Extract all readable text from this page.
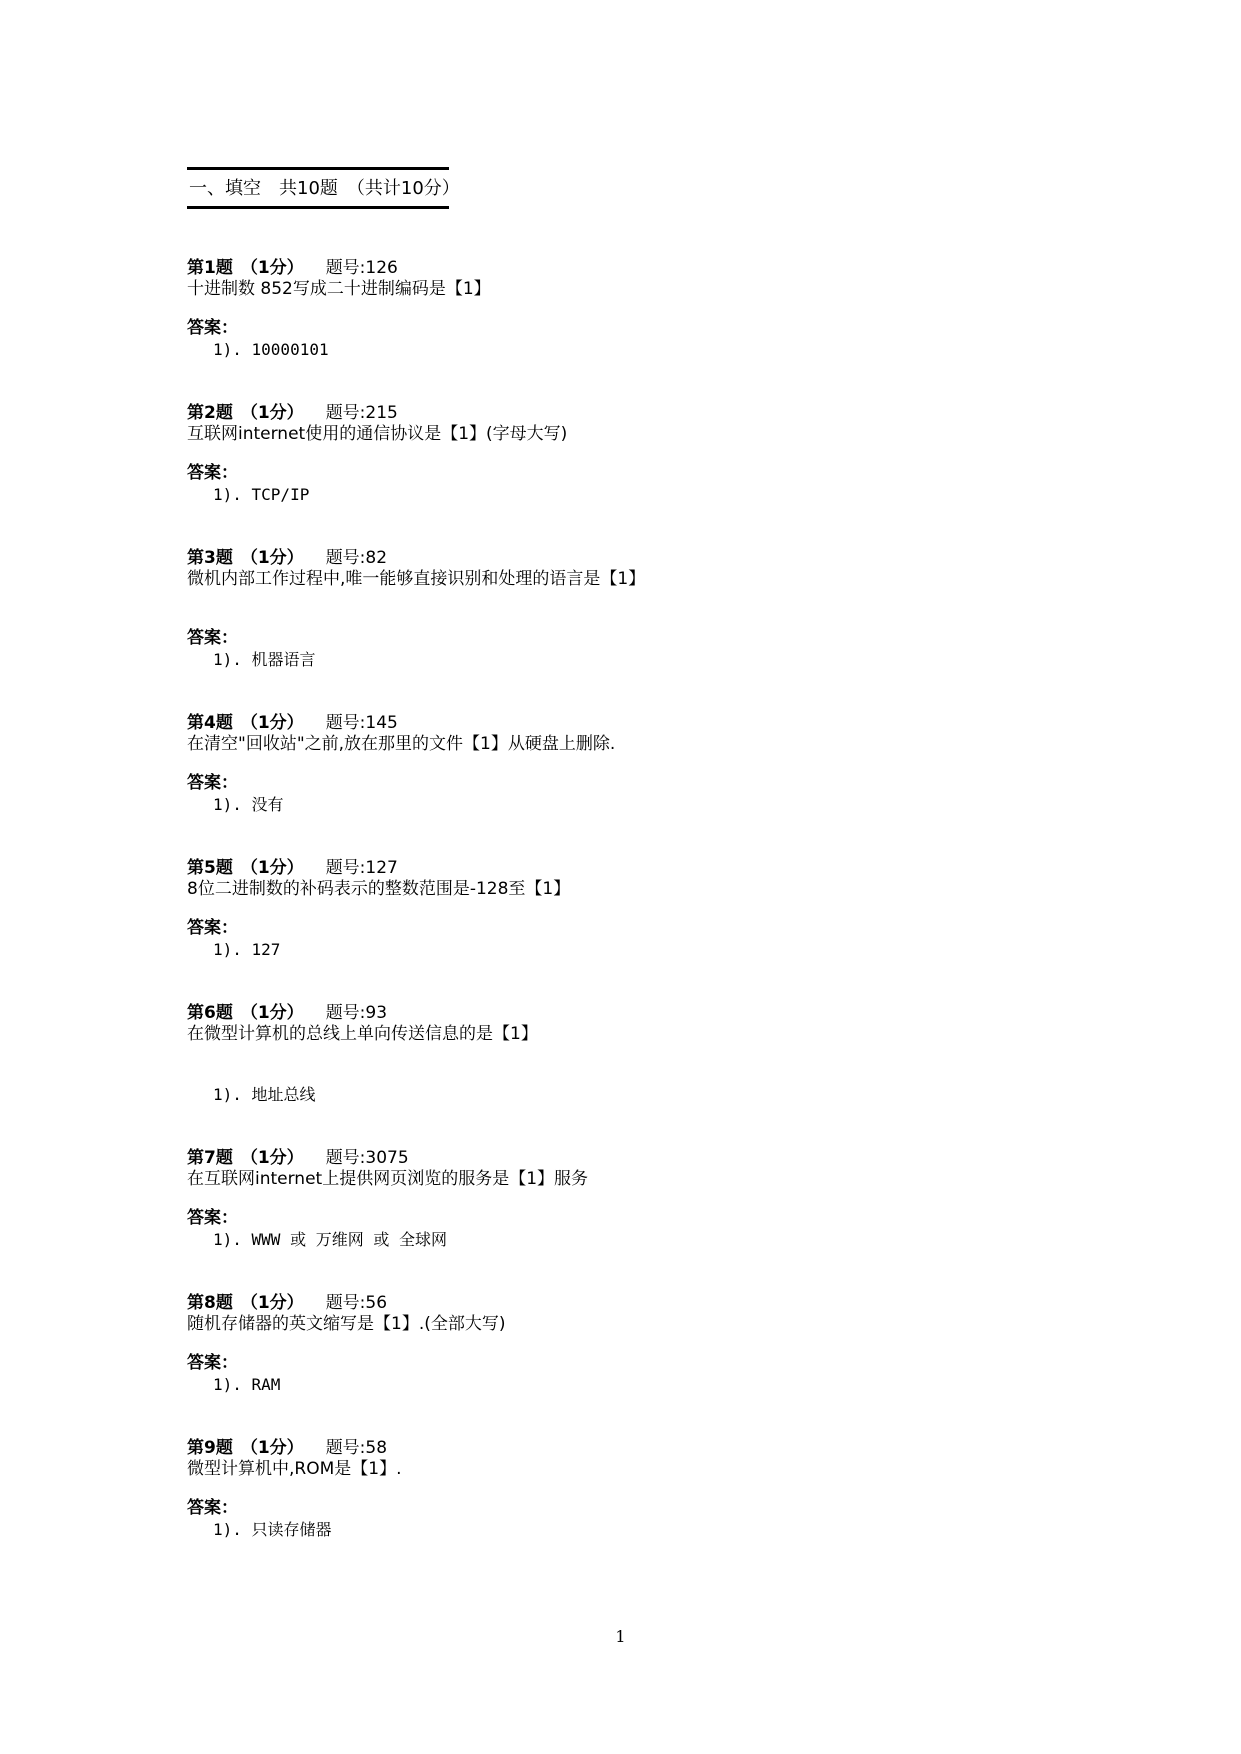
一、填空　共10题　（共计10分）
第1题 （1分） 题号:126
十进制数 852写成二十进制编码是【1】
答案：
1). 10000101
第2题 （1分） 题号:215
互联网internet使用的通信协议是【1】(字母大写)
答案：
1). TCP/IP
第3题 （1分） 题号:82
微机内部工作过程中,唯一能够直接识别和处理的语言是【1】
答案：
1). 机器语言
第4题 （1分） 题号:145
在清空"回收站"之前,放在那里的文件【1】从硬盘上删除.
答案：
1). 没有
第5题 （1分） 题号:127
8位二进制数的补码表示的整数范围是-128至【1】
答案：
1). 127
第6题 （1分） 题号:93
在微型计算机的总线上单向传送信息的是【1】
1). 地址总线
第7题 （1分） 题号:3075
在互联网internet上提供网页浏览的服务是【1】服务
答案：
1). WWW 或 万维网 或 全球网
第8题 （1分） 题号:56
随机存储器的英文缩写是【1】.(全部大写)
答案：
1). RAM
第9题 （1分） 题号:58
微型计算机中,ROM是【1】.
答案：
1). 只读存储器
1
